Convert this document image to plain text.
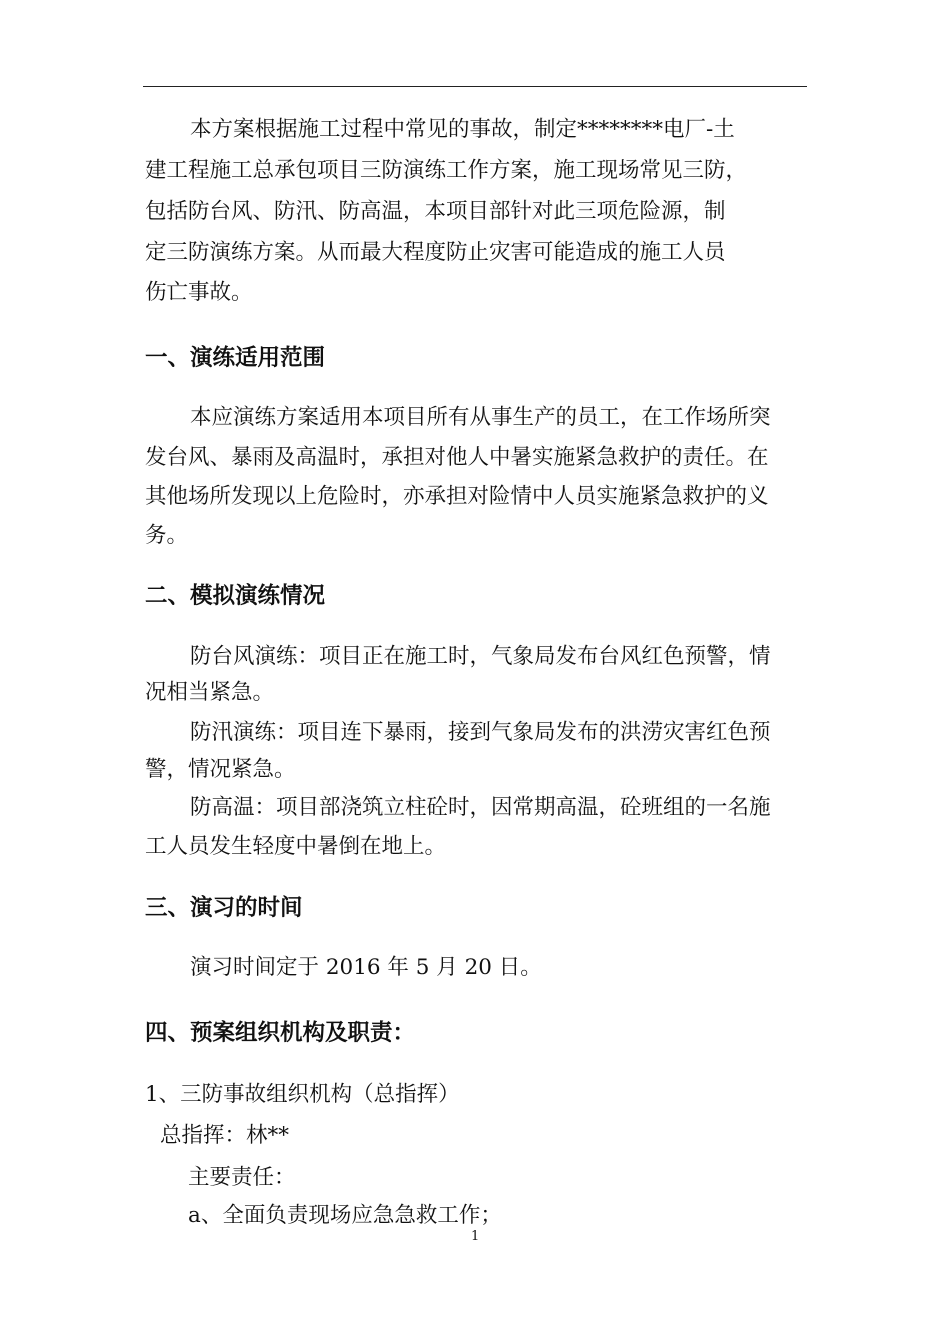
本方案根据施工过程中常见的事故，制定********电厂-土
建工程施工总承包项目三防演练工作方案，施工现场常见三防，
包括防台风、防汛、防高温，本项目部针对此三项危险源，制
定三防演练方案。从而最大程度防止灾害可能造成的施工人员
伤亡事故。
一、演练适用范围
本应演练方案适用本项目所有从事生产的员工，在工作场所突
发台风、暴雨及高温时，承担对他人中暑实施紧急救护的责任。在
其他场所发现以上危险时，亦承担对险情中人员实施紧急救护的义
务。
二、模拟演练情况
防台风演练：项目正在施工时，气象局发布台风红色预警，情
况相当紧急。
防汛演练：项目连下暴雨，接到气象局发布的洪涝灾害红色预
警，情况紧急。
防高温：项目部浇筑立柱砼时，因常期高温，砼班组的一名施
工人员发生轻度中暑倒在地上。
三、演习的时间
演习时间定于 2016 年 5 月 20 日。
四、预案组织机构及职责：
1、三防事故组织机构（总指挥）
总指挥：林**
主要责任：
a、全面负责现场应急急救工作；
1
